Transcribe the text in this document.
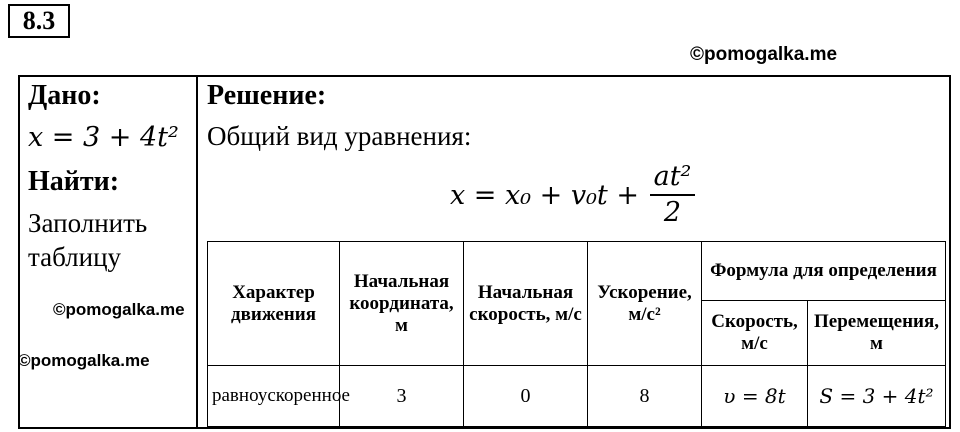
8.3
©pomogalka.me
Дано:
x = 3 + 4t²
Найти:
Заполнить
таблицу
©pomogalka.me
©pomogalka.me
Решение:
Общий вид уравнения:
$x = x_0 + v_0t + \frac{\text{at²}}{2}$
Характер движения	Начальная координата, м	Начальная скорость, м/с	Ускорение, м/с²	Формула для определения	
				Скорость, м/с	Перемещения, м
равноускоренное	3	0	8	υ = 8t	S = 3 + 4t²
